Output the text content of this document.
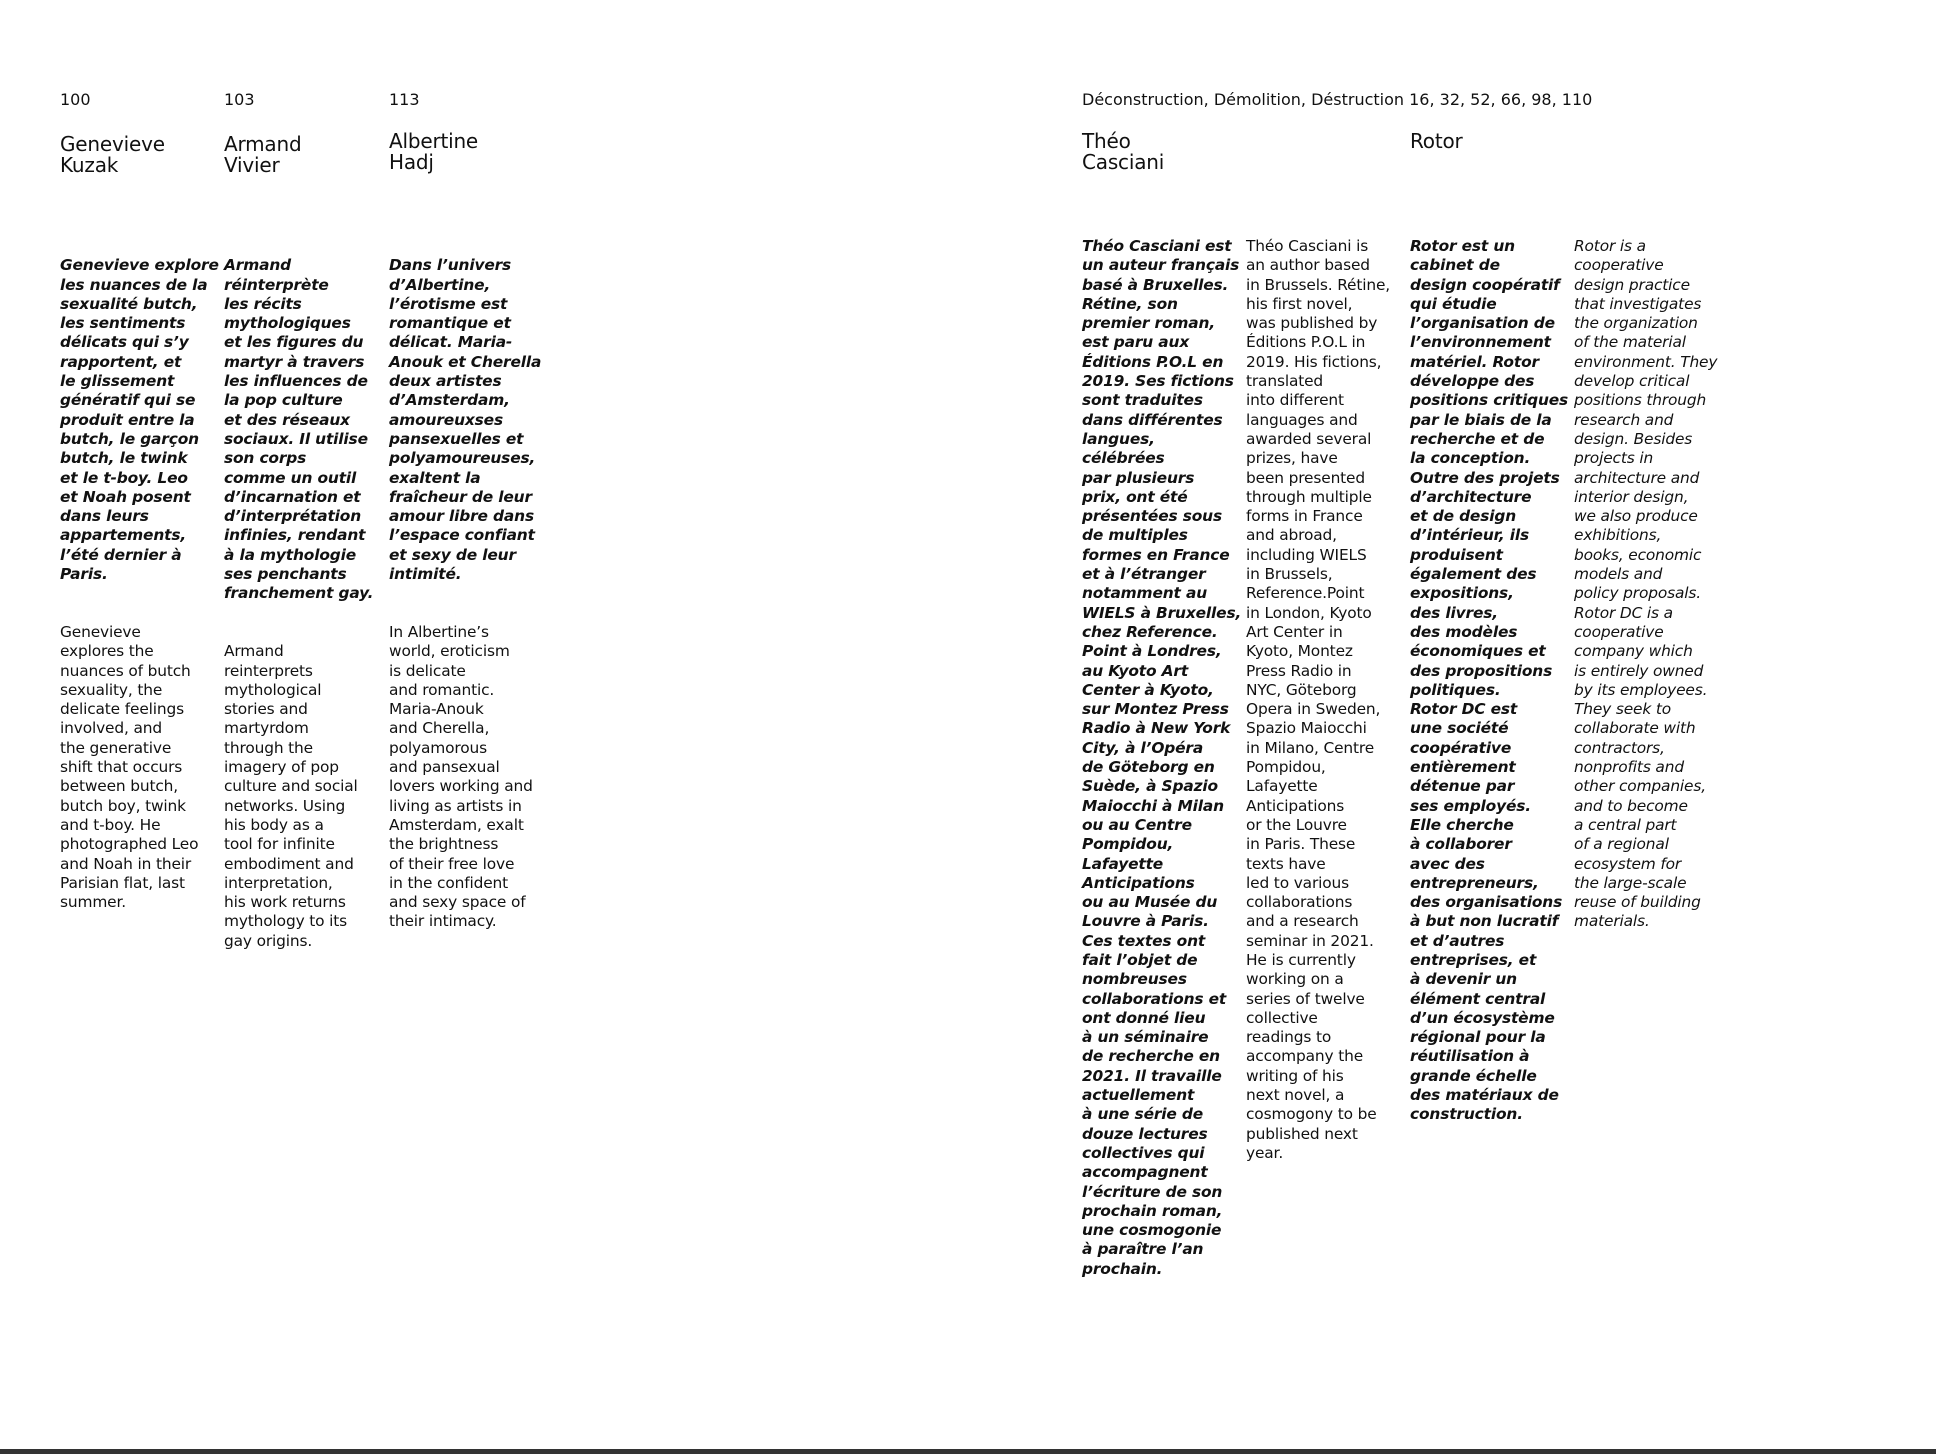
100	103	113
Genevieve
Kuzak
Armand
Vivier
Albertine
Hadj

Genevieve explore
les nuances de la
sexualité butch,
les sentiments
délicats qui s’y
rapportent, et
le glissement
génératif qui se
produit entre la
butch, le garçon
butch, le twink
et le t-boy. Leo
et Noah posent
dans leurs
appartements,
l’été dernier à
Paris.

Genevieve
explores the
nuances of butch
sexuality, the
delicate feelings
involved, and
the generative
shift that occurs
between butch,
butch boy, twink
and t-boy. He
photographed Leo
and Noah in their
Parisian flat, last
summer.

Armand
réinterprète
les récits
mythologiques
et les figures du
martyr à travers
les influences de
la pop culture
et des réseaux
sociaux. Il utilise
son corps
comme un outil
d’incarnation et
d’interprétation
infinies, rendant
à la mythologie
ses penchants
franchement gay.

Armand
reinterprets
mythological
stories and
martyrdom
through the
imagery of pop
culture and social
networks. Using
his body as a
tool for infinite
embodiment and
interpretation,
his work returns
mythology to its
gay origins.

Dans l’univers
d’Albertine,
l’érotisme est
romantique et
délicat. Maria-
Anouk et Cherella
deux artistes
d’Amsterdam,
amoureuxses
pansexuelles et
polyamoureuses,
exaltent la
fraîcheur de leur
amour libre dans
l’espace confiant
et sexy de leur
intimité.

In Albertine’s
world, eroticism
is delicate
and romantic.
Maria-Anouk
and Cherella,
polyamorous
and pansexual
lovers working and
living as artists in
Amsterdam, exalt
the brightness
of their free love
in the confident
and sexy space of
their intimacy.

Déconstruction, Démolition, Déstruction 16, 32, 52, 66, 98, 110
Théo
Casciani
Rotor
Théo Casciani est
un auteur français
basé à Bruxelles.
Rétine, son
premier roman,
est paru aux
Éditions P.O.L en
2019. Ses fictions
sont traduites
dans différentes
langues, célébrées
par plusieurs
prix, ont été
présentées sous
de multiples
formes en France
et à l’étranger
notamment au
WIELS à Bruxelles,
chez Reference.
Point à Londres,
au Kyoto Art
Center à Kyoto,
sur Montez Press
Radio à New York
City, à l’Opéra
de Göteborg en
Suède, à Spazio
Maiocchi à Milan
ou au Centre
Pompidou,
Lafayette
Anticipations
ou au Musée du
Louvre à Paris.
Ces textes ont
fait l’objet de
nombreuses
collaborations et
ont donné lieu
à un séminaire
de recherche en
2021. Il travaille
actuellement
à une série de
douze lectures
collectives qui
accompagnent
l’écriture de son
prochain roman,
une cosmogonie
à paraître l’an
prochain.
Théo Casciani is
an author based
in Brussels. Rétine,
his first novel,
was published by
Éditions P.O.L in
2019. His fictions,
translated
into different
languages and
awarded several
prizes, have
been presented
through multiple
forms in France
and abroad,
including WIELS
in Brussels,
Reference.Point
in London, Kyoto
Art Center in
Kyoto, Montez
Press Radio in
NYC, Göteborg
Opera in Sweden,
Spazio Maiocchi
in Milano, Centre
Pompidou,
Lafayette
Anticipations
or the Louvre
in Paris. These
texts have
led to various
collaborations
and a research
seminar in 2021.
He is currently
working on a
series of twelve
collective
readings to
accompany the
writing of his
next novel, a
cosmogony to be
published next
year.
Rotor est un
cabinet de
design coopératif
qui étudie
l’organisation de
l’environnement
matériel. Rotor
développe des
positions critiques
par le biais de la
recherche et de
la conception.
Outre des projets
d’architecture
et de design
d’intérieur, ils
produisent
également des
expositions,
des livres,
des modèles
économiques et
des propositions
politiques.
Rotor DC est
une société
coopérative
entièrement
détenue par
ses employés.
Elle cherche
à collaborer
avec des
entrepreneurs,
des organisations
à but non lucratif
et d’autres
entreprises, et
à devenir un
élément central
d’un écosystème
régional pour la
réutilisation à
grande échelle
des matériaux de
construction.
Rotor is a
cooperative
design practice
that investigates
the organization
of the material
environment. They
develop critical
positions through
research and
design. Besides
projects in
architecture and
interior design,
we also produce
exhibitions,
books, economic
models and
policy proposals.
Rotor DC is a
cooperative
company which
is entirely owned
by its employees.
They seek to
collaborate with
contractors,
nonprofits and
other companies,
and to become
a central part
of a regional
ecosystem for
the large-scale
reuse of building
materials.
